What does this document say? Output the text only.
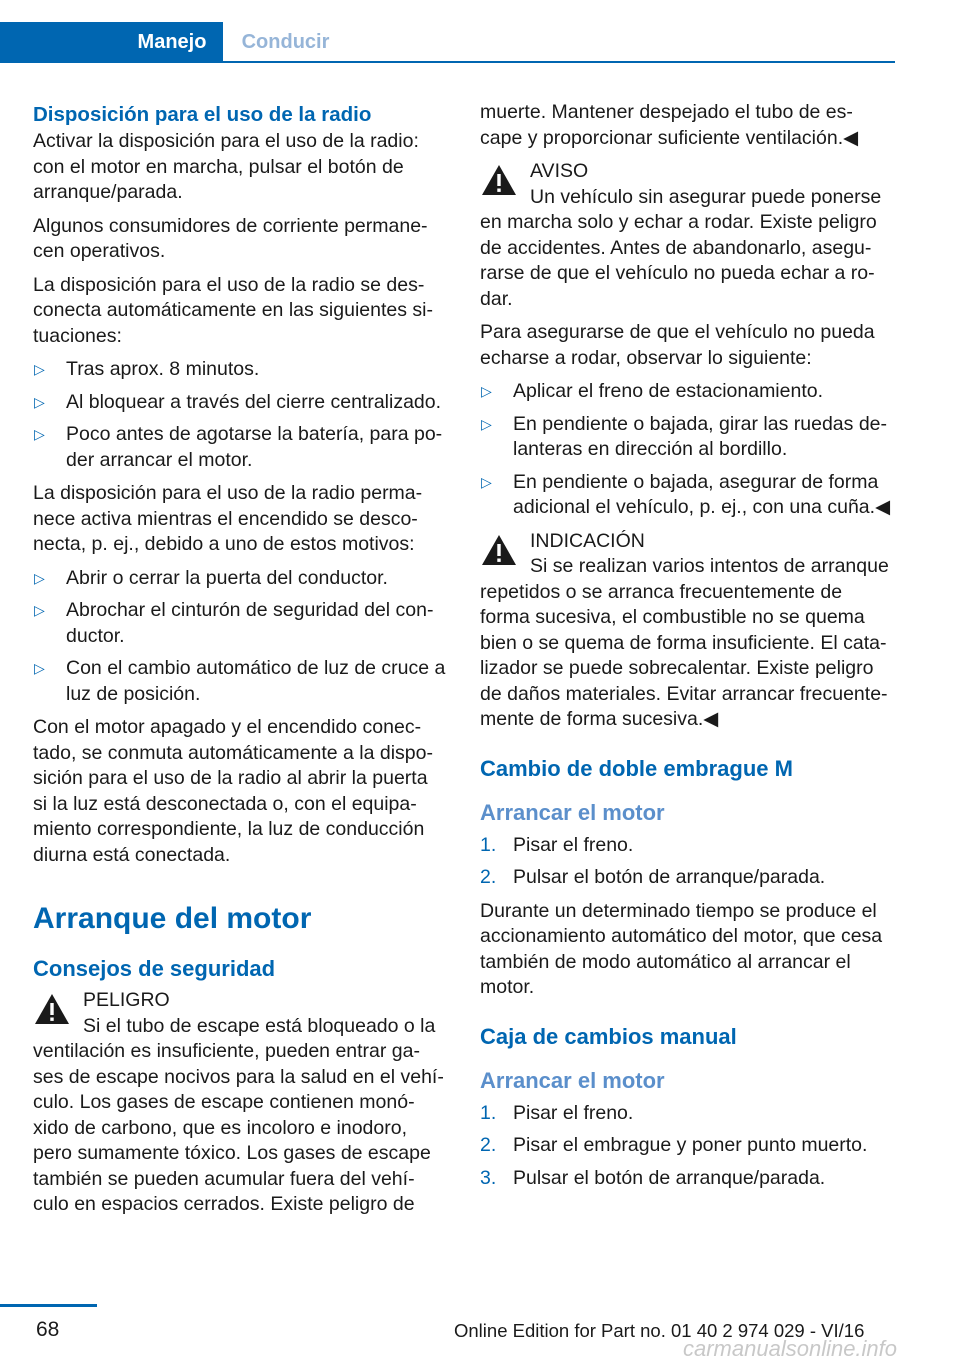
Manejo	Conducir
Disposición para el uso de la radio

Activar la disposición para el uso de la radio: con el motor en marcha, pulsar el botón de arranque/parada.

Algunos consumidores de corriente permane‐ cen operativos.

La disposición para el uso de la radio se des‐ conecta automáticamente en las siguientes si‐ tuaciones:

▷ Tras aprox. 8 minutos.
▷ Al bloquear a través del cierre centralizado.
▷ Poco antes de agotarse la batería, para po‐ der arrancar el motor.

La disposición para el uso de la radio perma‐ nece activa mientras el encendido se desco‐ necta, p. ej., debido a uno de estos motivos:

▷ Abrir o cerrar la puerta del conductor.
▷ Abrochar el cinturón de seguridad del con‐ ductor.
▷ Con el cambio automático de luz de cruce a luz de posición.

Con el motor apagado y el encendido conec‐ tado, se conmuta automáticamente a la dispo‐ sición para el uso de la radio al abrir la puerta si la luz está desconectada o, con el equipa‐ miento correspondiente, la luz de conducción diurna está conectada.

Arranque del motor
Consejos de seguridad
PELIGRO
Si el tubo de escape está bloqueado o la ventilación es insuficiente, pueden entrar ga‐ ses de escape nocivos para la salud en el vehí‐ culo. Los gases de escape contienen monó‐ xido de carbono, que es incoloro e inodoro, pero sumamente tóxico. Los gases de escape también se pueden acumular fuera del vehí‐ culo en espacios cerrados. Existe peligro de

muerte. Mantener despejado el tubo de es‐ cape y proporcionar suficiente ventilación.◀

AVISO
Un vehículo sin asegurar puede ponerse en marcha solo y echar a rodar. Existe peligro de accidentes. Antes de abandonarlo, asegu‐ rarse de que el vehículo no pueda echar a ro‐ dar.

Para asegurarse de que el vehículo no pueda echarse a rodar, observar lo siguiente:

▷ Aplicar el freno de estacionamiento.
▷ En pendiente o bajada, girar las ruedas de‐ lanteras en dirección al bordillo.
▷ En pendiente o bajada, asegurar de forma adicional el vehículo, p. ej., con una cuña.◀
INDICACIÓN
Si se realizan varios intentos de arranque repetidos o se arranca frecuentemente de forma sucesiva, el combustible no se quema bien o se quema de forma insuficiente. El cata‐ lizador se puede sobrecalentar. Existe peligro de daños materiales. Evitar arrancar frecuente‐ mente de forma sucesiva.◀
Cambio de doble embrague M
Arrancar el motor
1. Pisar el freno.
2. Pulsar el botón de arranque/parada.

Durante un determinado tiempo se produce el accionamiento automático del motor, que cesa también de modo automático al arrancar el motor.

Caja de cambios manual
Arrancar el motor
1. Pisar el freno.
2. Pisar el embrague y poner punto muerto.
3. Pulsar el botón de arranque/parada.
68	Online Edition for Part no. 01 40 2 974 029 - VI/16
carmanualsonline.info
